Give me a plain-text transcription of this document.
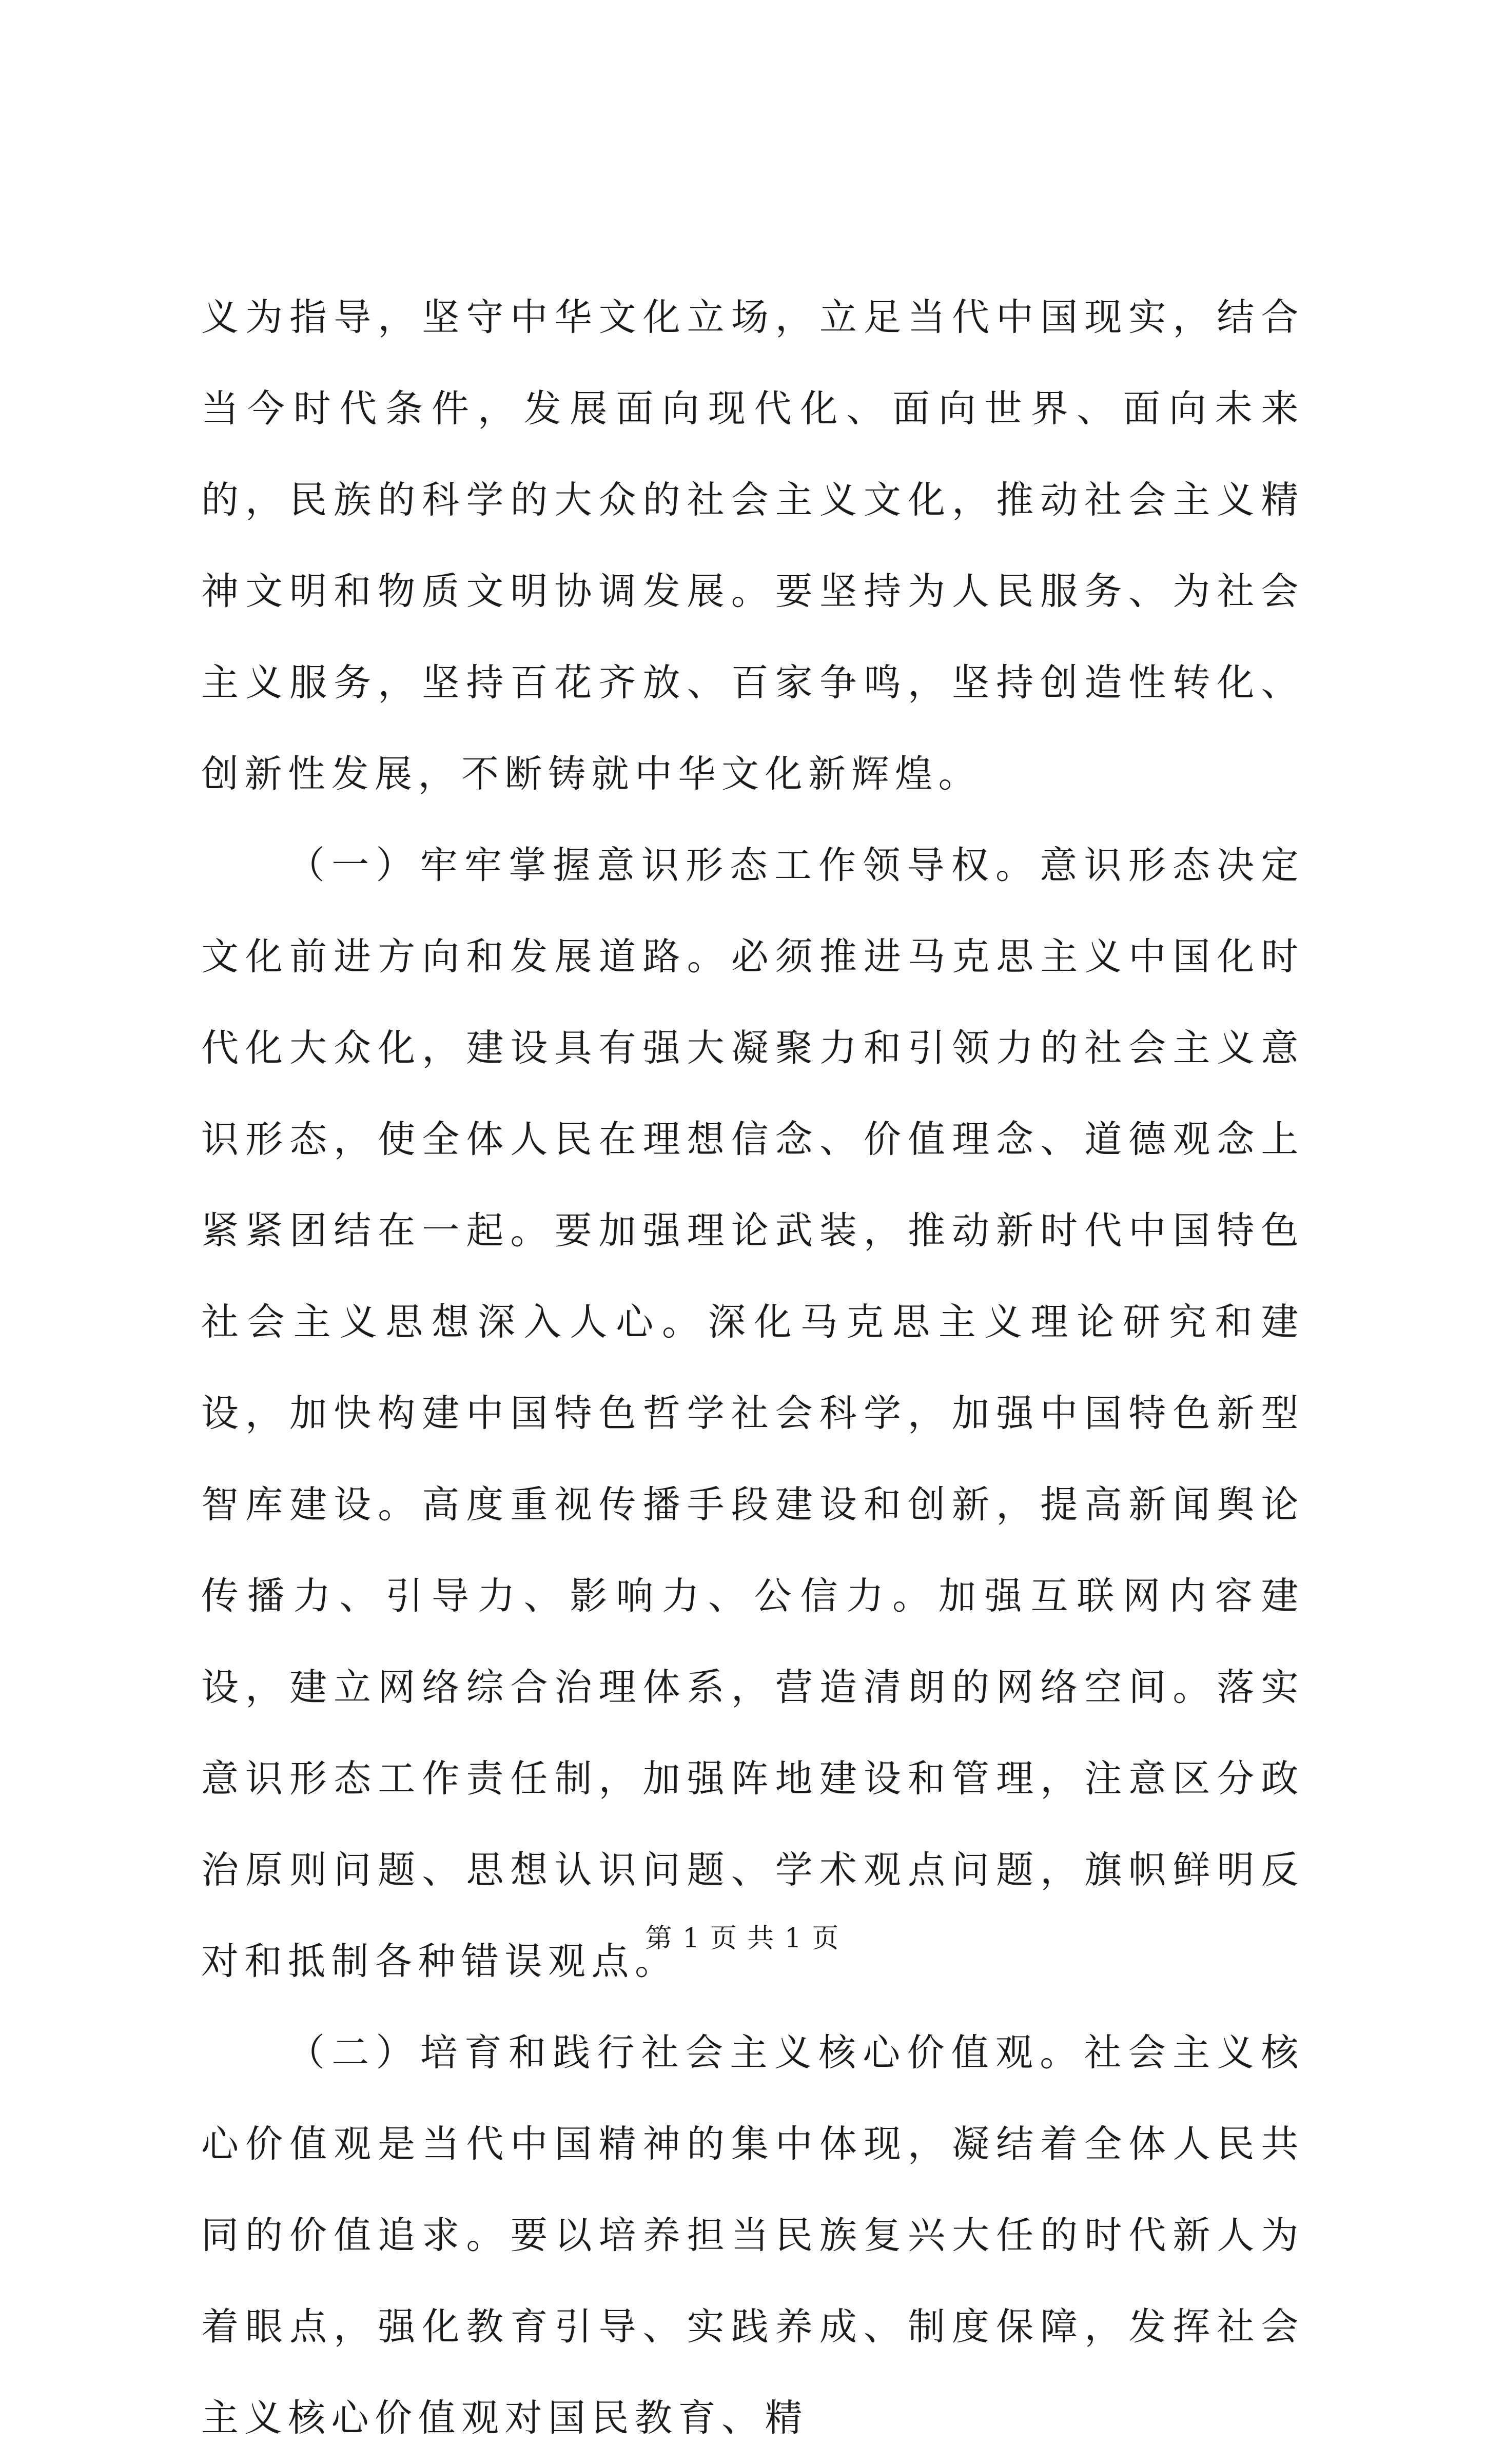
义为指导，坚守中华文化立场，立足当代中国现实，结合当今时代条件，发展面向现代化、面向世界、面向未来的，民族的科学的大众的社会主义文化，推动社会主义精神文明和物质文明协调发展。要坚持为人民服务、为社会主义服务，坚持百花齐放、百家争鸣，坚持创造性转化、创新性发展，不断铸就中华文化新辉煌。

（一）牢牢掌握意识形态工作领导权。意识形态决定文化前进方向和发展道路。必须推进马克思主义中国化时代化大众化，建设具有强大凝聚力和引领力的社会主义意识形态，使全体人民在理想信念、价值理念、道德观念上紧紧团结在一起。要加强理论武装，推动新时代中国特色社会主义思想深入人心。深化马克思主义理论研究和建设，加快构建中国特色哲学社会科学，加强中国特色新型智库建设。高度重视传播手段建设和创新，提高新闻舆论传播力、引导力、影响力、公信力。加强互联网内容建设，建立网络综合治理体系，营造清朗的网络空间。落实意识形态工作责任制，加强阵地建设和管理，注意区分政治原则问题、思想认识问题、学术观点问题，旗帜鲜明反对和抵制各种错误观点。

（二）培育和践行社会主义核心价值观。社会主义核心价值观是当代中国精神的集中体现，凝结着全体人民共同的价值追求。要以培养担当民族复兴大任的时代新人为着眼点，强化教育引导、实践养成、制度保障，发挥社会主义核心价值观对国民教育、精

第 1 页 共 1 页
